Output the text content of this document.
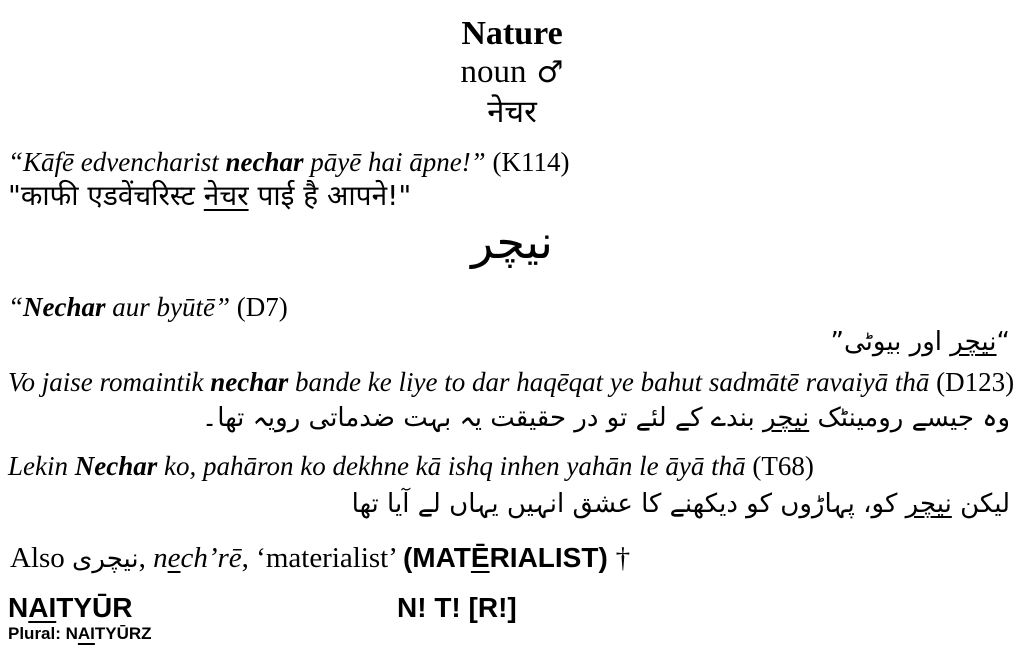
Nature
noun ♂
नेचर
“Kāfē edvencharist nechar pāyē hai āpne!” (K114)
"काफी एडवेंचरिस्ट नेचर पाई है आपने!"
نیچر
“Nechar aur byūtē” (D7)
“نیچر اور بیوٹی”
Vo jaise romaintik nechar bande ke liye to dar haqēqat ye bahut sadmātē ravaiyā thā (D123)
وہ جیسے رومینٹک نیچر بندے کے لئے تو در حقیقت یہ بہت ضدماتی رویہ تھا۔
Lekin Nechar ko, pahāron ko dekhne kā ishq inhen yahān le āyā thā (T68)
لیکن نیچر کو، پہاڑوں کو دیکھنے کا عشق انہیں یہاں لے آیا تھا
Also نیچری, nech’rē, ‘materialist’ (MATĒRIALIST) †
NAITYŪR	N! T! [R!]
Plural: NAITYŪRZ
